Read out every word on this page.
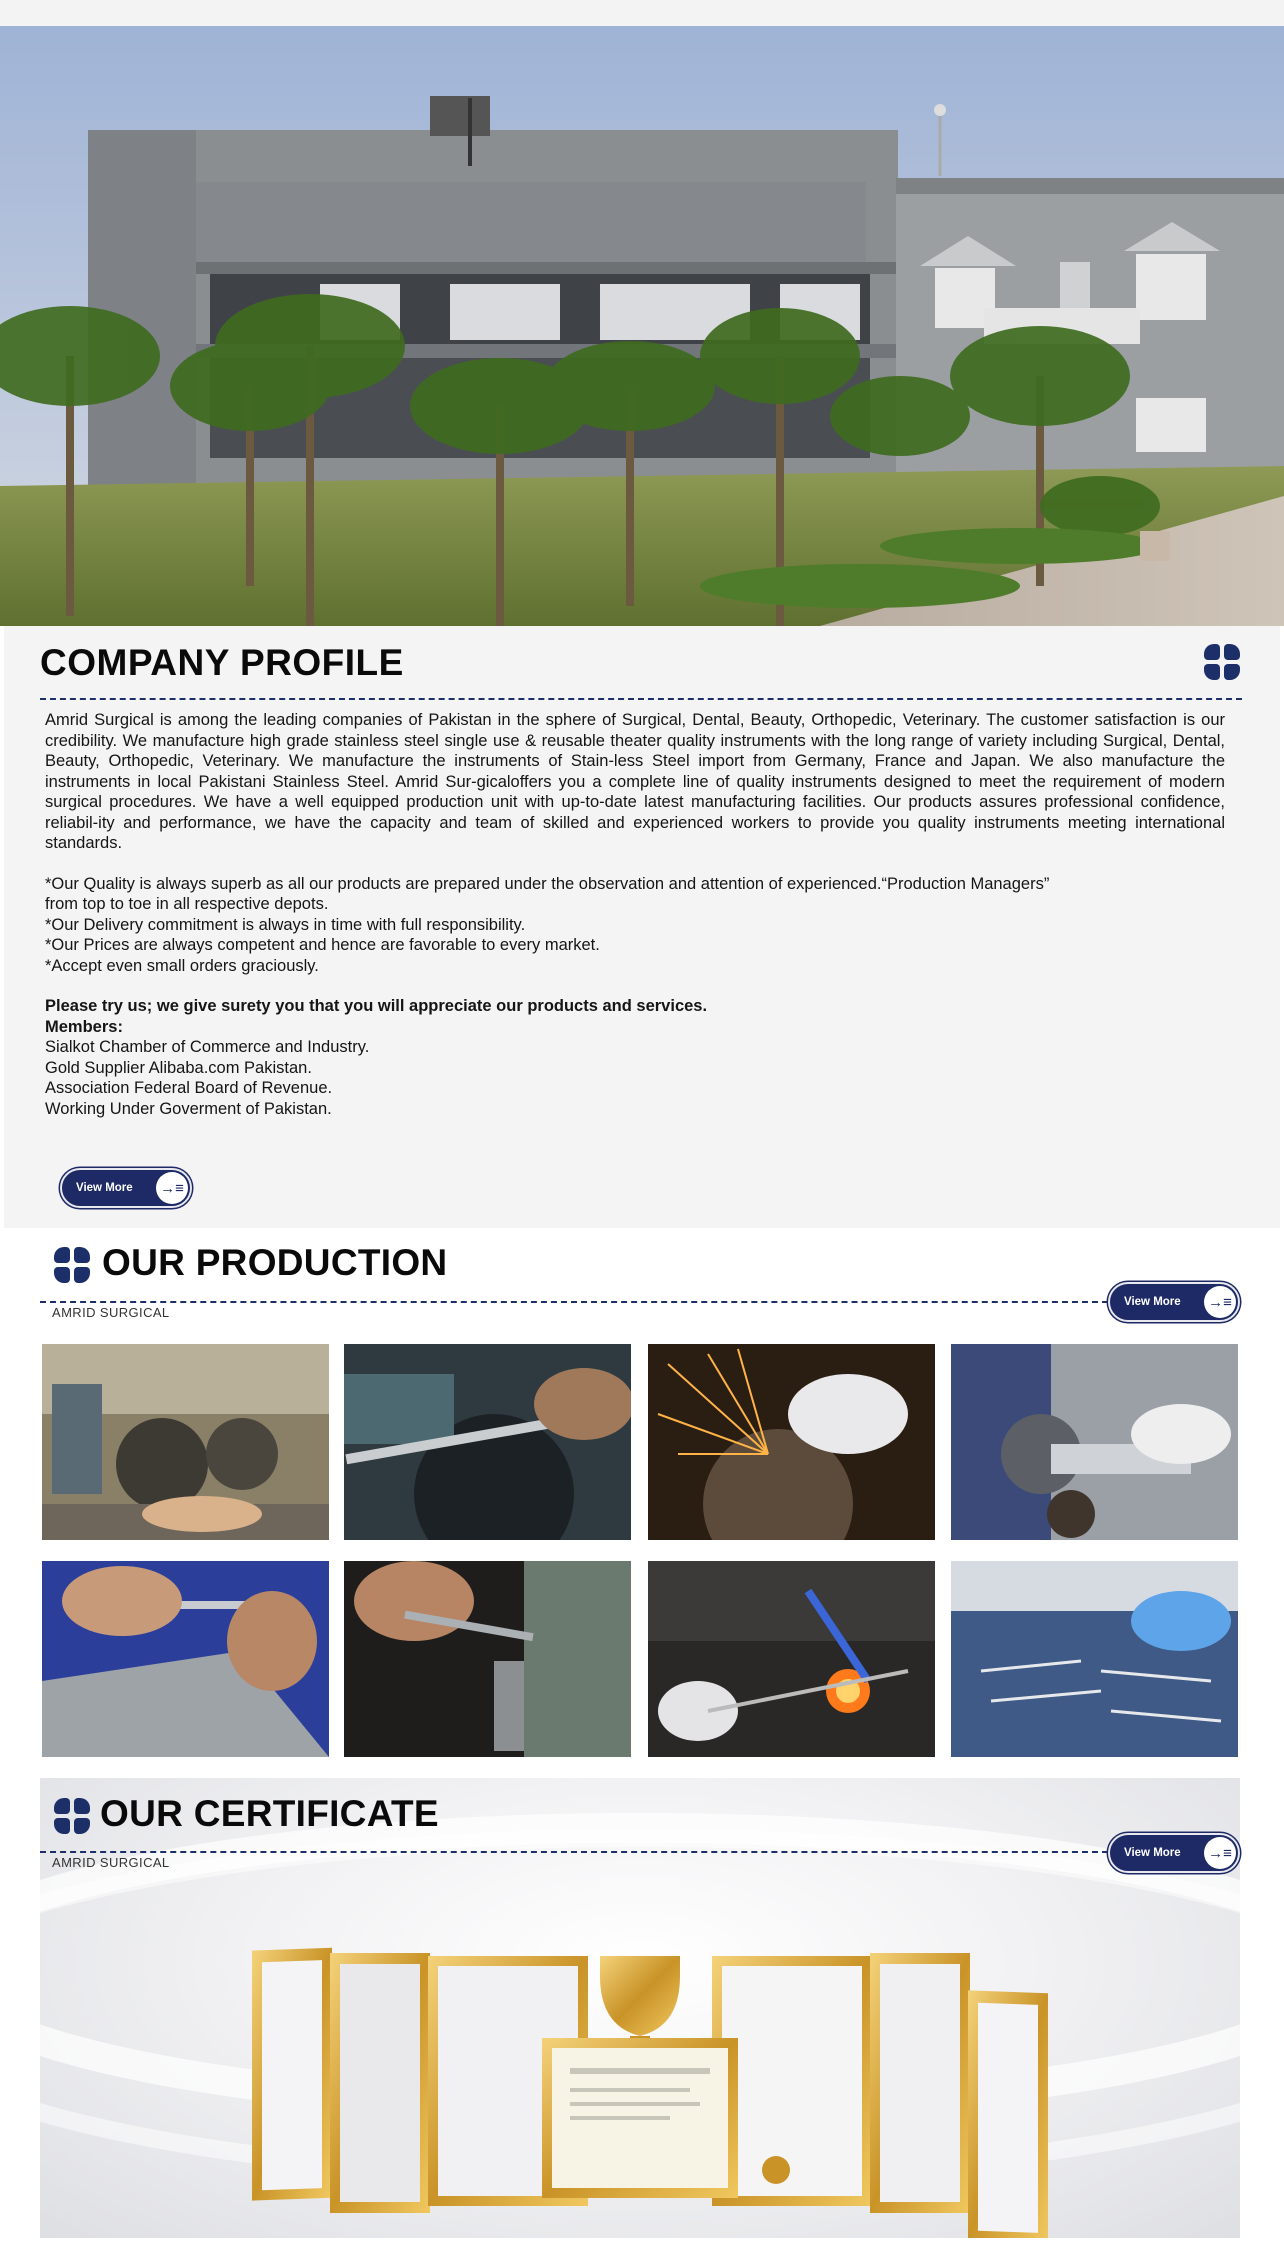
COMPANY PROFILE

Amrid Surgical is among the leading companies of Pakistan in the sphere of Surgical, Dental, Beauty, Orthopedic, Veterinary. The customer satisfaction is our credibility. We manufacture high grade stainless steel single use & reusable theater quality instruments with the long range of variety including Surgical, Dental, Beauty, Orthopedic, Veterinary. We manufacture the instruments of Stain-less Steel import from Germany, France and Japan. We also manufacture the instruments in local Pakistani Stainless Steel. Amrid Sur-gicaloffers you a complete line of quality instruments designed to meet the requirement of modern surgical procedures. We have a well equipped production unit with up-to-date latest manufacturing facilities. Our products assures professional confidence, reliabil-ity and performance, we have the capacity and team of skilled and experienced workers to provide you quality instruments meeting international standards.

*Our Quality is always superb as all our products are prepared under the observation and attention of experienced.“Production Managers”

from top to toe in all respective depots.

*Our Delivery commitment is always in time with full responsibility.

*Our Prices are always competent and hence are favorable to every market.

*Accept even small orders graciously.

Please try us; we give surety you that you will appreciate our products and services.

Members:

Sialkot Chamber of Commerce and Industry.

Gold Supplier Alibaba.com Pakistan.

Association Federal Board of Revenue.

Working Under Goverment of Pakistan.

View More	→≡
OUR PRODUCTION
AMRID SURGICAL
View More	→≡
OUR CERTIFICATE
AMRID SURGICAL
View More	→≡
